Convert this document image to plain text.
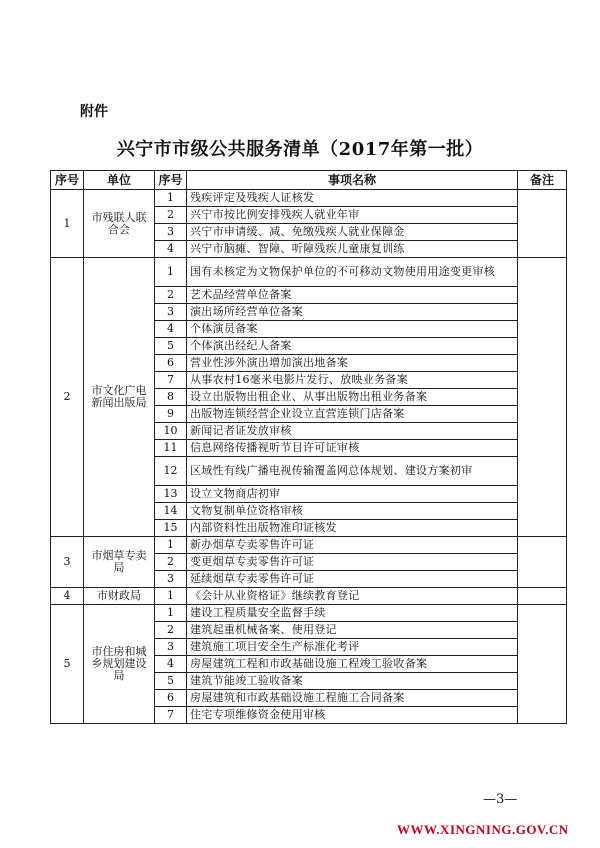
附件
兴宁市市级公共服务清单（2017年第一批）
序号	单位	序号	事项名称	备注
1	市残联人联合会	1	残疾评定及残疾人证核发	
		2	兴宁市按比例安排残疾人就业年审	
		3	兴宁市申请缓、减、免缴残疾人就业保障金	
		4	兴宁市脑瘫、智障、听障残疾儿童康复训练	
2	市文化广电新闻出版局	1	国有未核定为文物保护单位的不可移动文物使用用途变更审核	
		2	艺术品经营单位备案	
		3	演出场所经营单位备案	
		4	个体演员备案	
		5	个体演出经纪人备案	
		6	营业性涉外演出增加演出地备案	
		7	从事农村16毫米电影片发行、放映业务备案	
		8	设立出版物出租企业、从事出版物出租业务备案	
		9	出版物连锁经营企业设立直营连锁门店备案	
		10	新闻记者证发放审核	
		11	信息网络传播视听节目许可证审核	
		12	区域性有线广播电视传输覆盖网总体规划、建设方案初审	
		13	设立文物商店初审	
		14	文物复制单位资格审核	
		15	内部资料性出版物准印证核发	
3	市烟草专卖局	1	新办烟草专卖零售许可证	
		2	变更烟草专卖零售许可证	
		3	延续烟草专卖零售许可证	
4	市财政局	1	《会计从业资格证》继续教育登记	
5	市住房和城乡规划建设局	1	建设工程质量安全监督手续	
		2	建筑起重机械备案、使用登记	
		3	建筑施工项目安全生产标准化考评	
		4	房屋建筑工程和市政基础设施工程竣工验收备案	
		5	建筑节能竣工验收备案	
		6	房屋建筑和市政基础设施工程施工合同备案	
		7	住宅专项维修资金使用审核	
—3—
WWW.XINGNING.GOV.CN
